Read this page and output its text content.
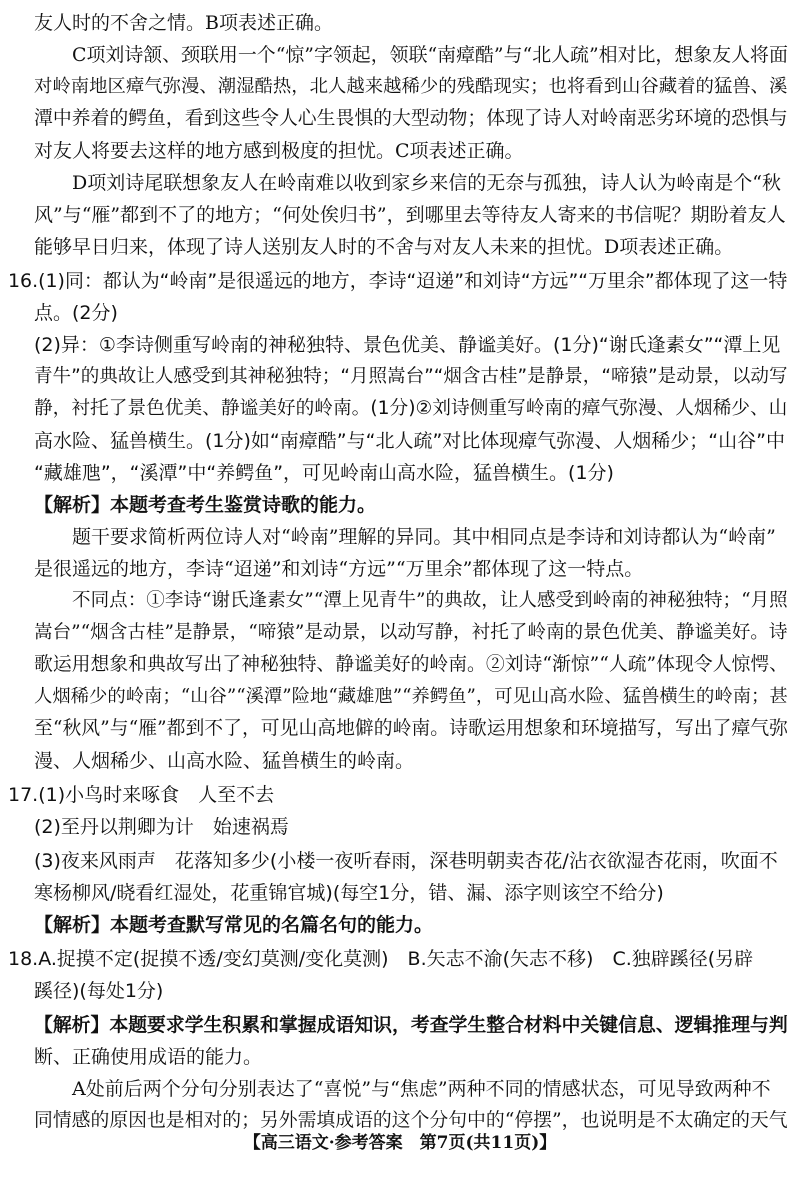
友人时的不舍之情。B项表述正确。
C项刘诗颔、颈联用一个“惊”字领起，领联“南瘴酷”与“北人疏”相对比，想象友人将面
对岭南地区瘴气弥漫、潮湿酷热，北人越来越稀少的残酷现实；也将看到山谷藏着的猛兽、溪
潭中养着的鳄鱼，看到这些令人心生畏惧的大型动物；体现了诗人对岭南恶劣环境的恐惧与
对友人将要去这样的地方感到极度的担忧。C项表述正确。
D项刘诗尾联想象友人在岭南难以收到家乡来信的无奈与孤独，诗人认为岭南是个“秋
风”与“雁”都到不了的地方；“何处俟归书”，到哪里去等待友人寄来的书信呢？期盼着友人
能够早日归来，体现了诗人送别友人时的不舍与对友人未来的担忧。D项表述正确。
16.(1)同：都认为“岭南”是很遥远的地方，李诗“迢递”和刘诗“方远”“万里余”都体现了这一特
点。(2分)
(2)异：①李诗侧重写岭南的神秘独特、景色优美、静谧美好。(1分)“谢氏逢素女”“潭上见
青牛”的典故让人感受到其神秘独特；“月照嵩台”“烟含古桂”是静景，“啼猿”是动景，以动写
静，衬托了景色优美、静谧美好的岭南。(1分)②刘诗侧重写岭南的瘴气弥漫、人烟稀少、山
高水险、猛兽横生。(1分)如“南瘴酷”与“北人疏”对比体现瘴气弥漫、人烟稀少；“山谷”中
“藏雄虺”，“溪潭”中“养鳄鱼”，可见岭南山高水险，猛兽横生。(1分)
【解析】本题考查考生鉴赏诗歌的能力。
题干要求简析两位诗人对“岭南”理解的异同。其中相同点是李诗和刘诗都认为“岭南”
是很遥远的地方，李诗“迢递”和刘诗“方远”“万里余”都体现了这一特点。
不同点：①李诗“谢氏逢素女”“潭上见青牛”的典故，让人感受到岭南的神秘独特；“月照
嵩台”“烟含古桂”是静景，“啼猿”是动景，以动写静，衬托了岭南的景色优美、静谧美好。诗
歌运用想象和典故写出了神秘独特、静谧美好的岭南。②刘诗“渐惊”“人疏”体现令人惊愕、
人烟稀少的岭南；“山谷”“溪潭”险地“藏雄虺”“养鳄鱼”，可见山高水险、猛兽横生的岭南；甚
至“秋风”与“雁”都到不了，可见山高地僻的岭南。诗歌运用想象和环境描写，写出了瘴气弥
漫、人烟稀少、山高水险、猛兽横生的岭南。
17.(1)小鸟时来啄食　人至不去
(2)至丹以荆卿为计　始速祸焉
(3)夜来风雨声　花落知多少(小楼一夜听春雨，深巷明朝卖杏花/沾衣欲湿杏花雨，吹面不
寒杨柳风/晓看红湿处，花重锦官城)(每空1分，错、漏、添字则该空不给分)
【解析】本题考查默写常见的名篇名句的能力。
18.A.捉摸不定(捉摸不透/变幻莫测/变化莫测)　B.矢志不渝(矢志不移)　C.独辟蹊径(另辟
蹊径)(每处1分)
【解析】本题要求学生积累和掌握成语知识，考查学生整合材料中关键信息、逻辑推理与判
断、正确使用成语的能力。
A处前后两个分句分别表达了“喜悦”与“焦虑”两种不同的情感状态，可见导致两种不
同情感的原因也是相对的；另外需填成语的这个分句中的“停摆”，也说明是不太确定的天气
【高三语文·参考答案　第7页(共11页)】
